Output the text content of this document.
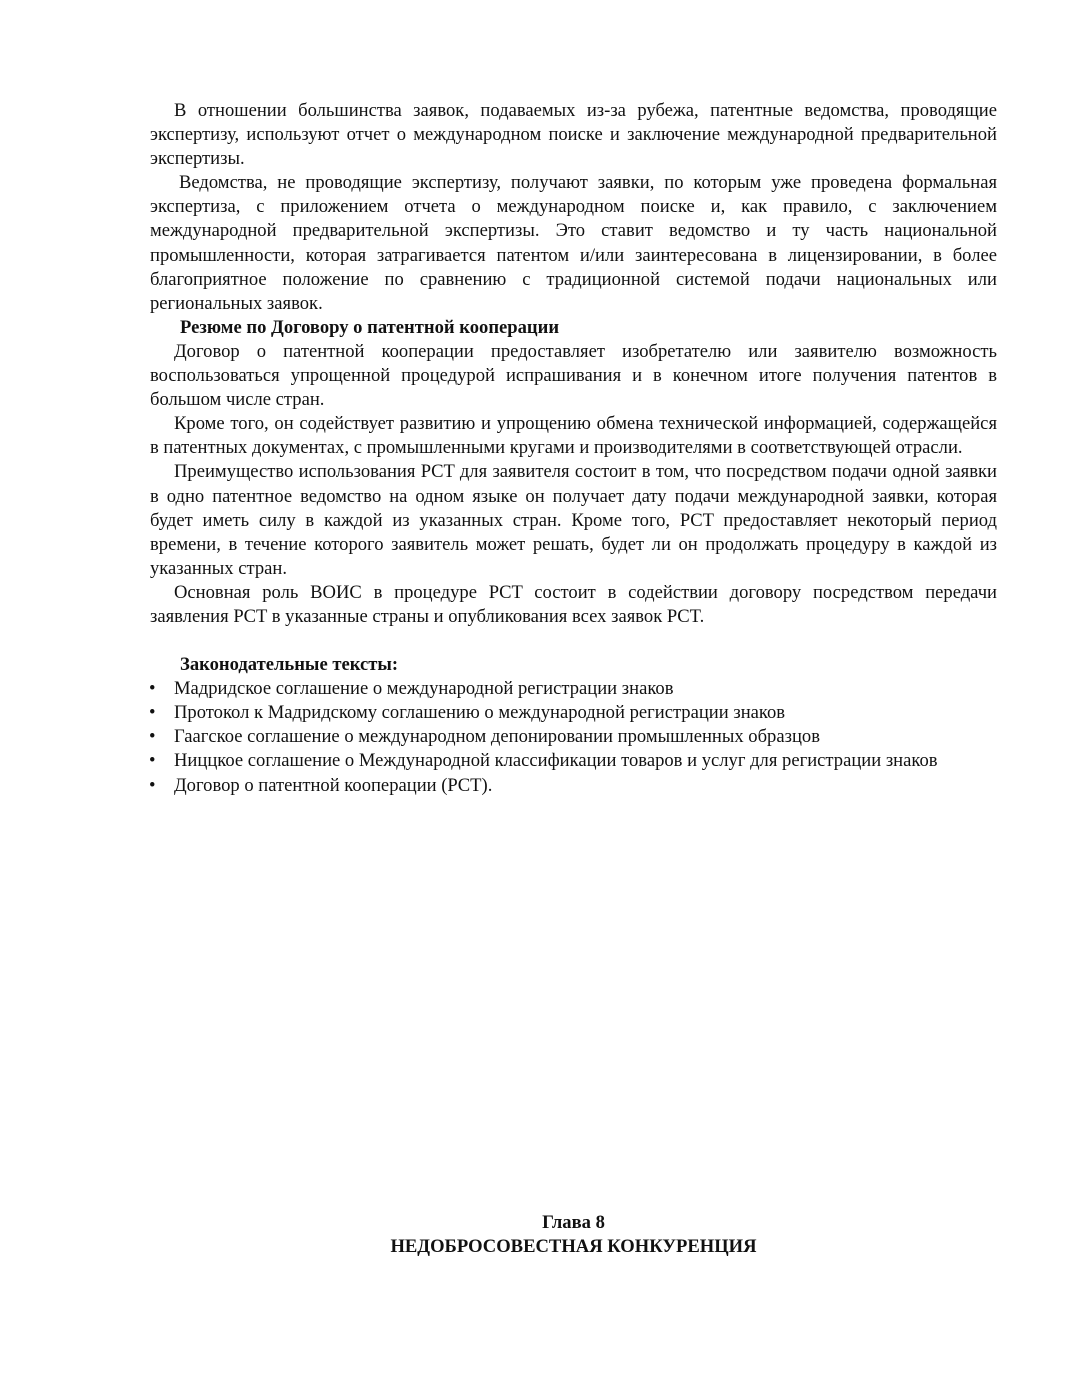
В отношении большинства заявок, подаваемых из-за рубежа, патентные ведомства, проводящие экспертизу, используют отчет о международном поиске и заключение международной предварительной экспертизы.

Ведомства, не проводящие экспертизу, получают заявки, по которым уже проведена формальная экспертиза, с приложением отчета о международном поиске и, как правило, с заключением международной предварительной экспертизы. Это ставит ведомство и ту часть национальной промышленности, которая затрагивается патентом и/или заинтересована в лицензировании, в более благоприятное положение по сравнению с традиционной системой подачи национальных или региональных заявок.

Резюме по Договору о патентной кооперации

Договор о патентной кооперации предоставляет изобретателю или заявителю возможность воспользоваться упрощенной процедурой испрашивания и в конечном итоге получения патентов в большом числе стран.

Кроме того, он содействует развитию и упрощению обмена технической информацией, содержащейся в патентных документах, с промышленными кругами и производителями в соответствующей отрасли.

Преимущество использования PCT для заявителя состоит в том, что посредством подачи одной заявки в одно патентное ведомство на одном языке он получает дату подачи международной заявки, которая будет иметь силу в каждой из указанных стран. Кроме того, PCT предоставляет некоторый период времени, в течение которого заявитель может решать, будет ли он продолжать процедуру в каждой из указанных стран.

Основная роль ВОИС в процедуре PCT состоит в содействии договору посредством передачи заявления PCT в указанные страны и опубликования всех заявок PCT.

Законодательные тексты:

• Мадридское соглашение о международной регистрации знаков
• Протокол к Мадридскому соглашению о международной регистрации знаков
• Гаагское соглашение о международном депонировании промышленных образцов
• Ниццкое соглашение о Международной классификации товаров и услуг для регистрации знаков
• Договор о патентной кооперации (PCT).
Глава 8
НЕДОБРОСОВЕСТНАЯ КОНКУРЕНЦИЯ
